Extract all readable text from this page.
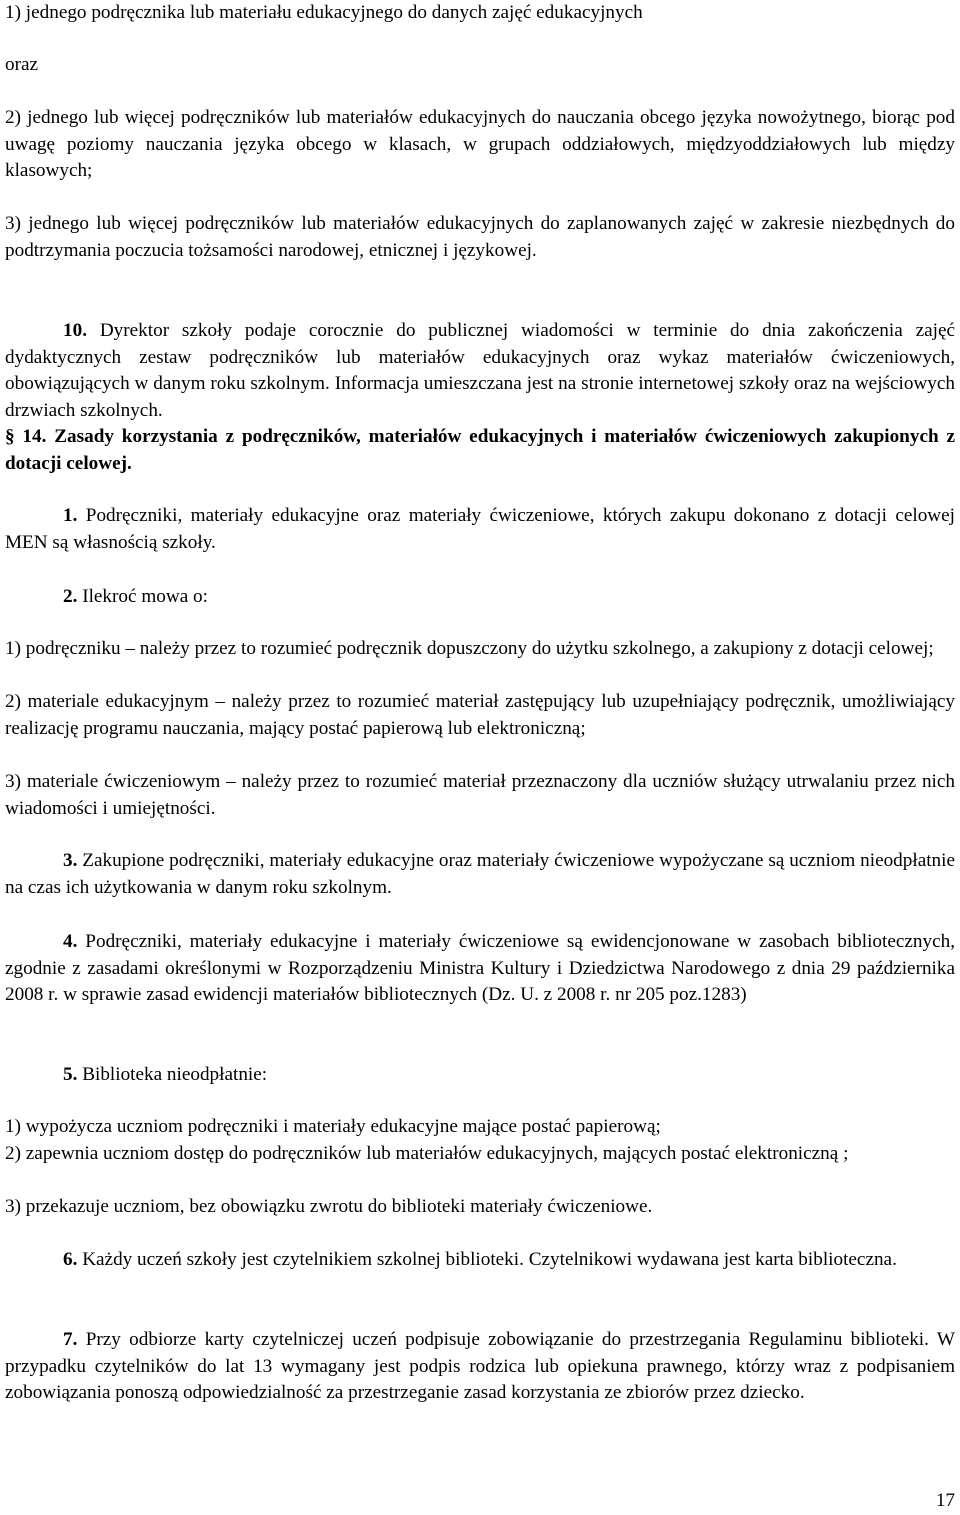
1) jednego podręcznika lub materiału edukacyjnego do danych zajęć edukacyjnych

oraz

2) jednego lub więcej podręczników lub materiałów edukacyjnych do nauczania obcego języka nowożytnego, biorąc pod uwagę poziomy nauczania języka obcego w klasach, w grupach oddziałowych, międzyoddziałowych lub między klasowych;

3) jednego lub więcej podręczników lub materiałów edukacyjnych do zaplanowanych zajęć w zakresie niezbędnych do podtrzymania poczucia tożsamości narodowej, etnicznej i językowej.

10. Dyrektor szkoły podaje corocznie do publicznej wiadomości w terminie do dnia zakończenia zajęć dydaktycznych zestaw podręczników lub materiałów edukacyjnych oraz wykaz materiałów ćwiczeniowych, obowiązujących w danym roku szkolnym. Informacja umieszczana jest na stronie internetowej szkoły oraz na wejściowych drzwiach szkolnych.

§ 14. Zasady korzystania z podręczników, materiałów edukacyjnych i materiałów ćwiczeniowych zakupionych z dotacji celowej.

1. Podręczniki, materiały edukacyjne oraz materiały ćwiczeniowe, których zakupu dokonano z dotacji celowej MEN są własnością szkoły.

2. Ilekroć mowa o:

1) podręczniku – należy przez to rozumieć podręcznik dopuszczony do użytku szkolnego, a zakupiony z dotacji celowej;

2) materiale edukacyjnym – należy przez to rozumieć materiał zastępujący lub uzupełniający podręcznik, umożliwiający realizację programu nauczania, mający postać papierową lub elektroniczną;

3) materiale ćwiczeniowym – należy przez to rozumieć materiał przeznaczony dla uczniów służący utrwalaniu przez nich wiadomości i umiejętności.

3. Zakupione podręczniki, materiały edukacyjne oraz materiały ćwiczeniowe wypożyczane są uczniom nieodpłatnie na czas ich użytkowania w danym roku szkolnym.

4. Podręczniki, materiały edukacyjne i materiały ćwiczeniowe są ewidencjonowane w zasobach bibliotecznych, zgodnie z zasadami określonymi w Rozporządzeniu Ministra Kultury i Dziedzictwa Narodowego z dnia 29 października 2008 r. w sprawie zasad ewidencji materiałów bibliotecznych (Dz. U. z 2008 r. nr 205 poz.1283)

5. Biblioteka nieodpłatnie:

1) wypożycza uczniom podręczniki i materiały edukacyjne mające postać papierową;

2) zapewnia uczniom dostęp do podręczników lub materiałów edukacyjnych, mających postać elektroniczną ;

3) przekazuje uczniom, bez obowiązku zwrotu do biblioteki materiały ćwiczeniowe.

6. Każdy uczeń szkoły jest czytelnikiem szkolnej biblioteki. Czytelnikowi wydawana jest karta biblioteczna.

7. Przy odbiorze karty czytelniczej uczeń podpisuje zobowiązanie do przestrzegania Regulaminu biblioteki. W przypadku czytelników do lat 13 wymagany jest podpis rodzica lub opiekuna prawnego, którzy wraz z podpisaniem zobowiązania ponoszą odpowiedzialność za przestrzeganie zasad korzystania ze zbiorów przez dziecko.

17
